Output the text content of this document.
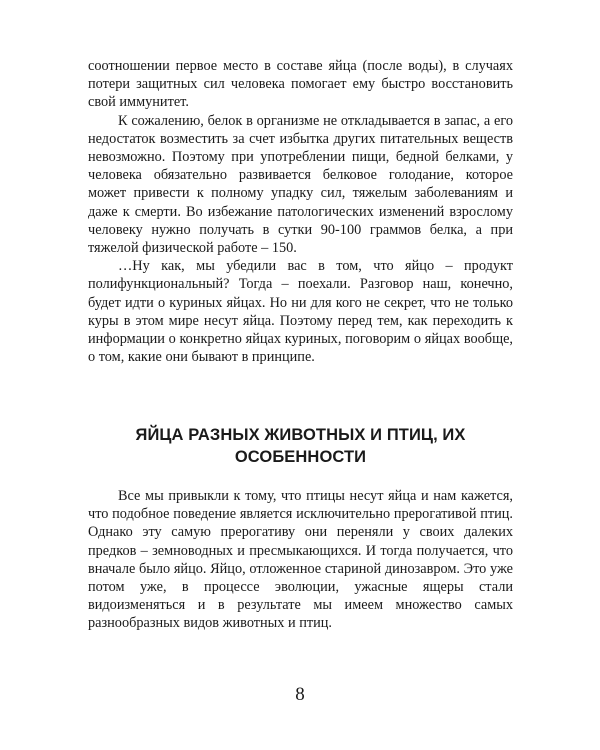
соотношении первое место в составе яйца (после воды), в случаях потери защитных сил человека помогает ему быстро восстановить свой иммунитет.

К сожалению, белок в организме не откладывается в запас, а его недостаток возместить за счет избытка других питательных веществ невозможно. Поэтому при употреблении пищи, бедной белками, у человека обязательно развивается белковое голодание, которое может привести к полному упадку сил, тяжелым заболеваниям и даже к смерти. Во избежание патологических изменений взрослому человеку нужно получать в сутки 90-100 граммов белка, а при тяжелой физической работе – 150.

…Ну как, мы убедили вас в том, что яйцо – продукт полифункциональный? Тогда – поехали. Разговор наш, конечно, будет идти о куриных яйцах. Но ни для кого не секрет, что не только куры в этом мире несут яйца. Поэтому перед тем, как переходить к информации о конкретно яйцах куриных, поговорим о яйцах вообще, о том, какие они бывают в принципе.

ЯЙЦА РАЗНЫХ ЖИВОТНЫХ И ПТИЦ, ИХ
ОСОБЕННОСТИ

Все мы привыкли к тому, что птицы несут яйца и нам кажется, что подобное поведение является исключительно прерогативой птиц. Однако эту самую прерогативу они переняли у своих далеких предков – земноводных и пресмыкающихся. И тогда получается, что вначале было яйцо. Яйцо, отложенное стариной динозавром. Это уже потом уже, в процессе эволюции, ужасные ящеры стали видоизменяться и в результате мы имеем множество самых разнообразных видов животных и птиц.

8
